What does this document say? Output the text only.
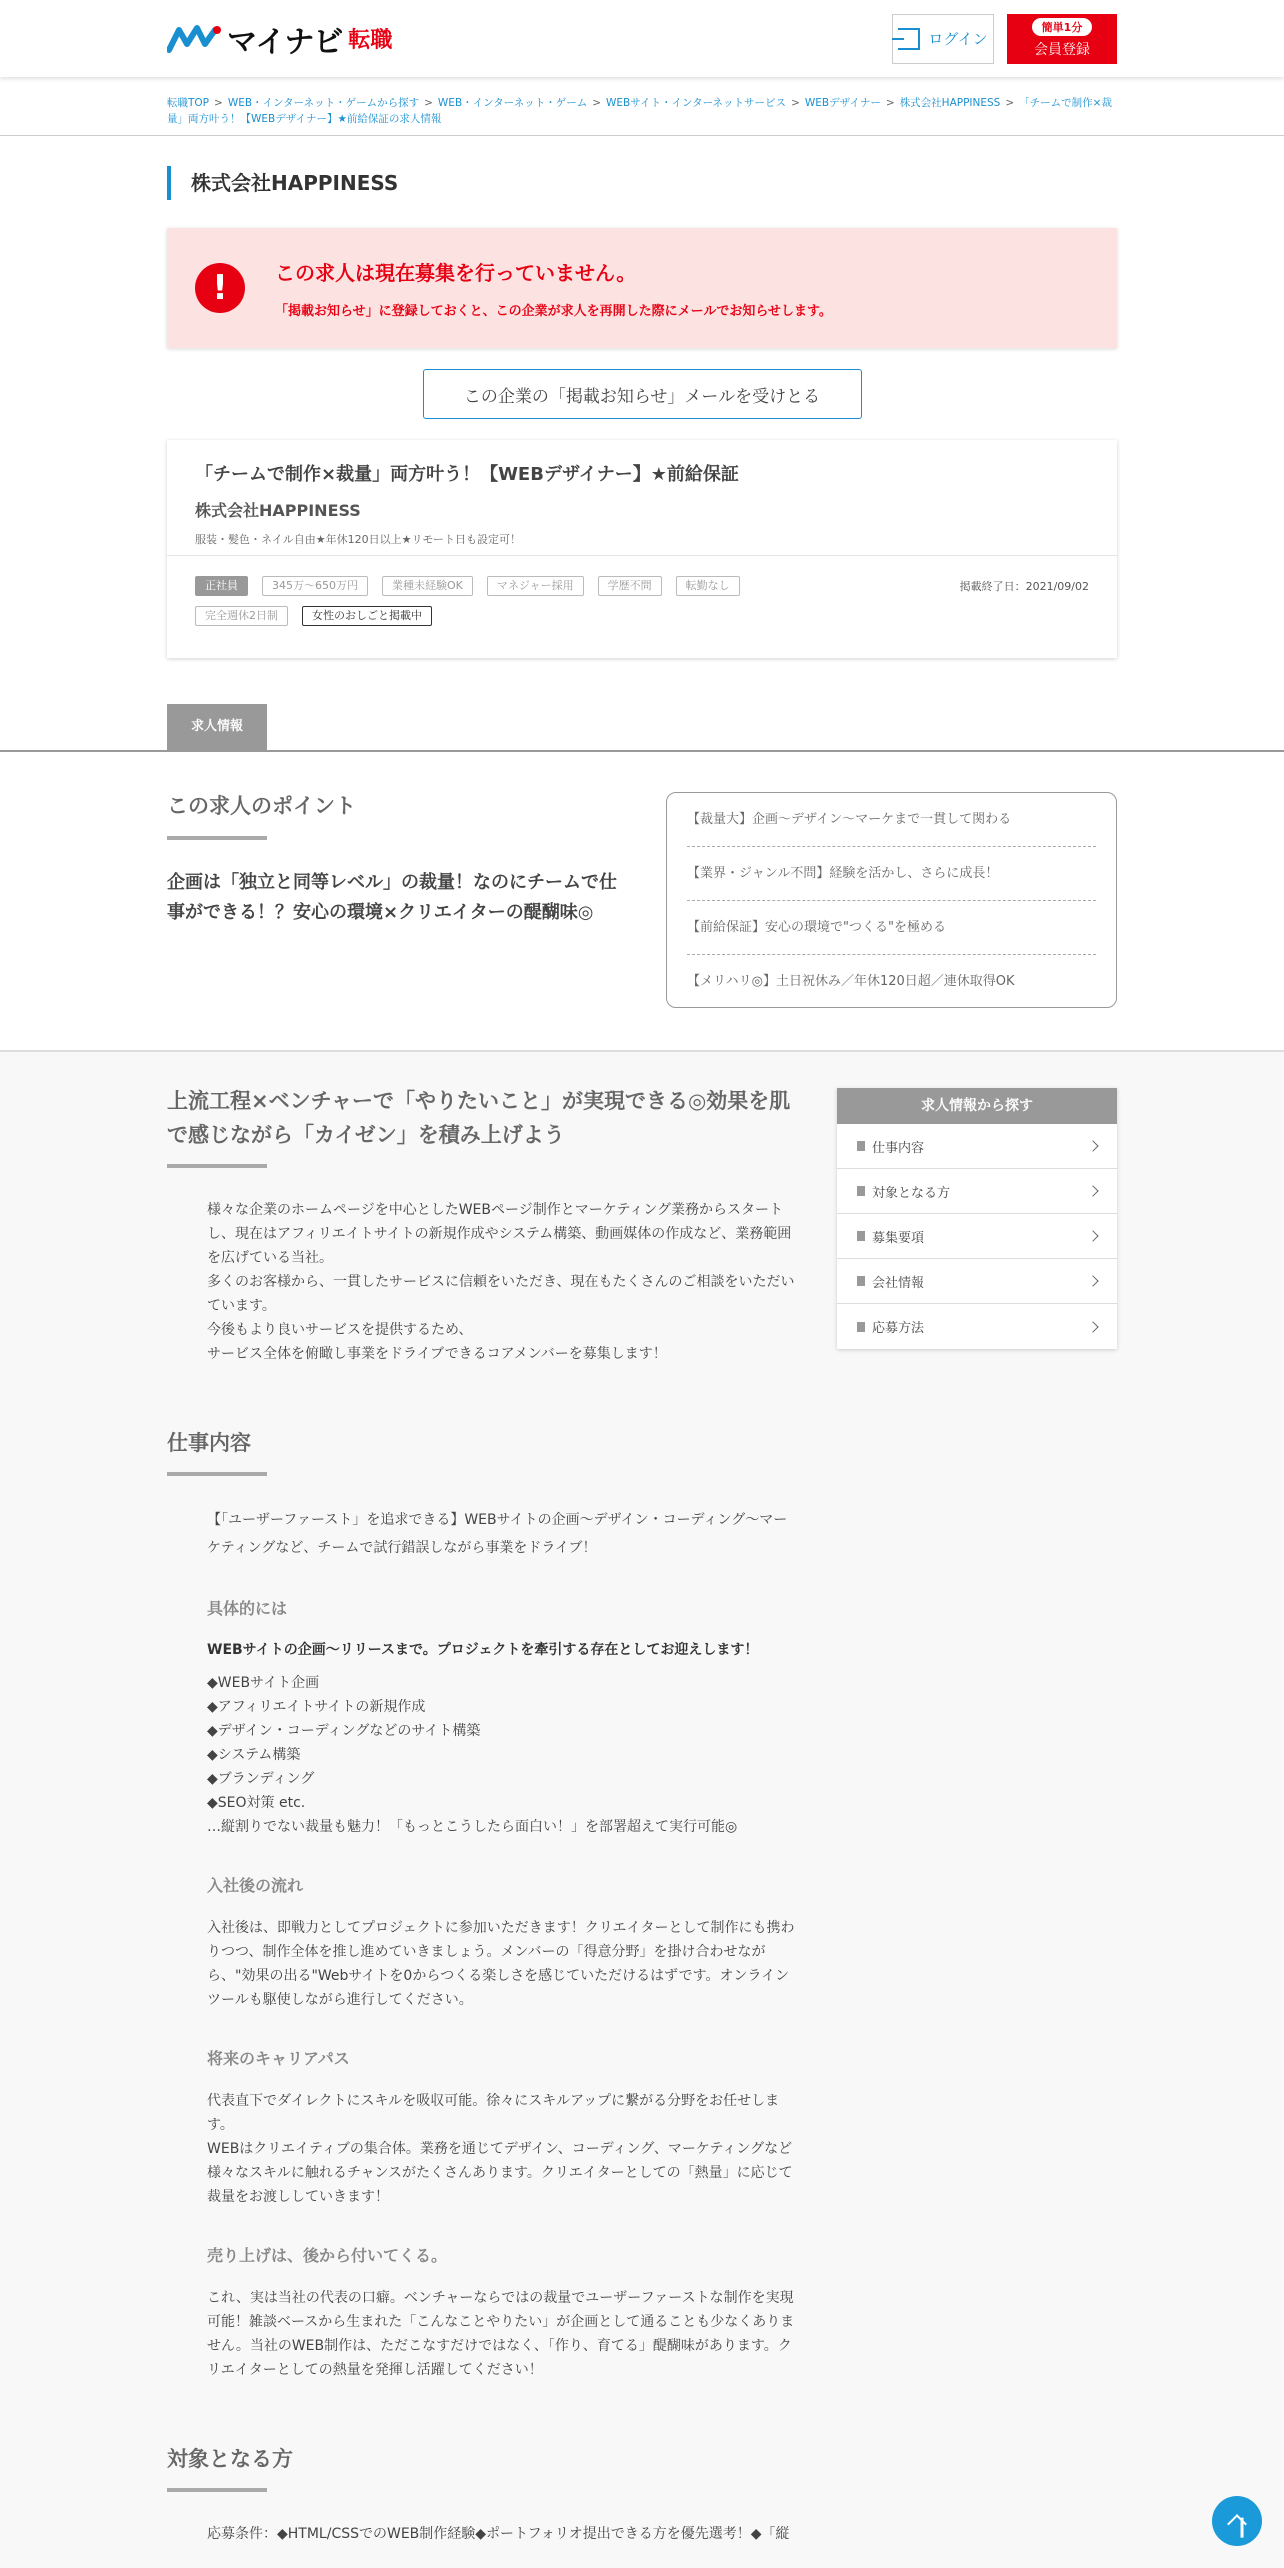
マイナビ 転職	ログイン
簡単1分
会員登録
転職TOP > WEB・インターネット・ゲームから探す > WEB・インターネット・ゲーム > WEBサイト・インターネットサービス > WEBデザイナー > 株式会社HAPPINESS > 「チームで制作×裁量」両方叶う！【WEBデザイナー】★前給保証の求人情報
株式会社HAPPINESS
!	この求人は現在募集を行っていません。
「掲載お知らせ」に登録しておくと、この企業が求人を再開した際にメールでお知らせします。
この企業の「掲載お知らせ」メールを受けとる
「チームで制作×裁量」両方叶う！【WEBデザイナー】★前給保証
株式会社HAPPINESS
服装・髪色・ネイル自由★年休120日以上★リモート日も設定可！
正社員	345万～650万円	業種未経験OK	マネジャー採用	学歴不問	転勤なし
完全週休2日制	女性のおしごと掲載中
掲載終了日：2021/09/02
求人情報
この求人のポイント

企画は「独立と同等レベル」の裁量！なのにチームで仕事ができる！？安心の環境×クリエイターの醍醐味◎

【裁量大】企画～デザイン～マーケまで一貫して関わる
【業界・ジャンル不問】経験を活かし、さらに成長！
【前給保証】安心の環境で"つくる"を極める
【メリハリ◎】土日祝休み／年休120日超／連休取得OK
上流工程×ベンチャーで「やりたいこと」が実現できる◎効果を肌で感じながら「カイゼン」を積み上げよう

様々な企業のホームページを中心としたWEBページ制作とマーケティング業務からスタートし、現在はアフィリエイトサイトの新規作成やシステム構築、動画媒体の作成など、業務範囲を広げている当社。

多くのお客様から、一貫したサービスに信頼をいただき、現在もたくさんのご相談をいただいています。

今後もより良いサービスを提供するため、

サービス全体を俯瞰し事業をドライブできるコアメンバーを募集します！

仕事内容

【「ユーザーファースト」を追求できる】WEBサイトの企画～デザイン・コーディング～マーケティングなど、チームで試行錯誤しながら事業をドライブ！

具体的には

WEBサイトの企画～リリースまで。プロジェクトを牽引する存在としてお迎えします！

◆WEBサイト企画

◆アフィリエイトサイトの新規作成

◆デザイン・コーディングなどのサイト構築

◆システム構築

◆ブランディング

◆SEO対策 etc.

…縦割りでない裁量も魅力！「もっとこうしたら面白い！」を部署超えて実行可能◎

入社後の流れ

入社後は、即戦力としてプロジェクトに参加いただきます！クリエイターとして制作にも携わりつつ、制作全体を推し進めていきましょう。メンバーの「得意分野」を掛け合わせながら、"効果の出る"Webサイトを0からつくる楽しさを感じていただけるはずです。オンラインツールも駆使しながら進行してください。

将来のキャリアパス

代表直下でダイレクトにスキルを吸収可能。徐々にスキルアップに繋がる分野をお任せします。

WEBはクリエイティブの集合体。業務を通じてデザイン、コーディング、マーケティングなど様々なスキルに触れるチャンスがたくさんあります。クリエイターとしての「熱量」に応じて裁量をお渡ししていきます！

売り上げは、後から付いてくる。

これ、実は当社の代表の口癖。ベンチャーならではの裁量でユーザーファーストな制作を実現可能！雑談ベースから生まれた「こんなことやりたい」が企画として通ることも少なくありません。当社のWEB制作は、ただこなすだけではなく、「作り、育てる」醍醐味があります。クリエイターとしての熱量を発揮し活躍してください！

対象となる方

応募条件：◆HTML/CSSでのWEB制作経験◆ポートフォリオ提出できる方を優先選考！◆「縦

求人情報から探す
仕事内容
対象となる方
募集要項
会社情報
応募方法
